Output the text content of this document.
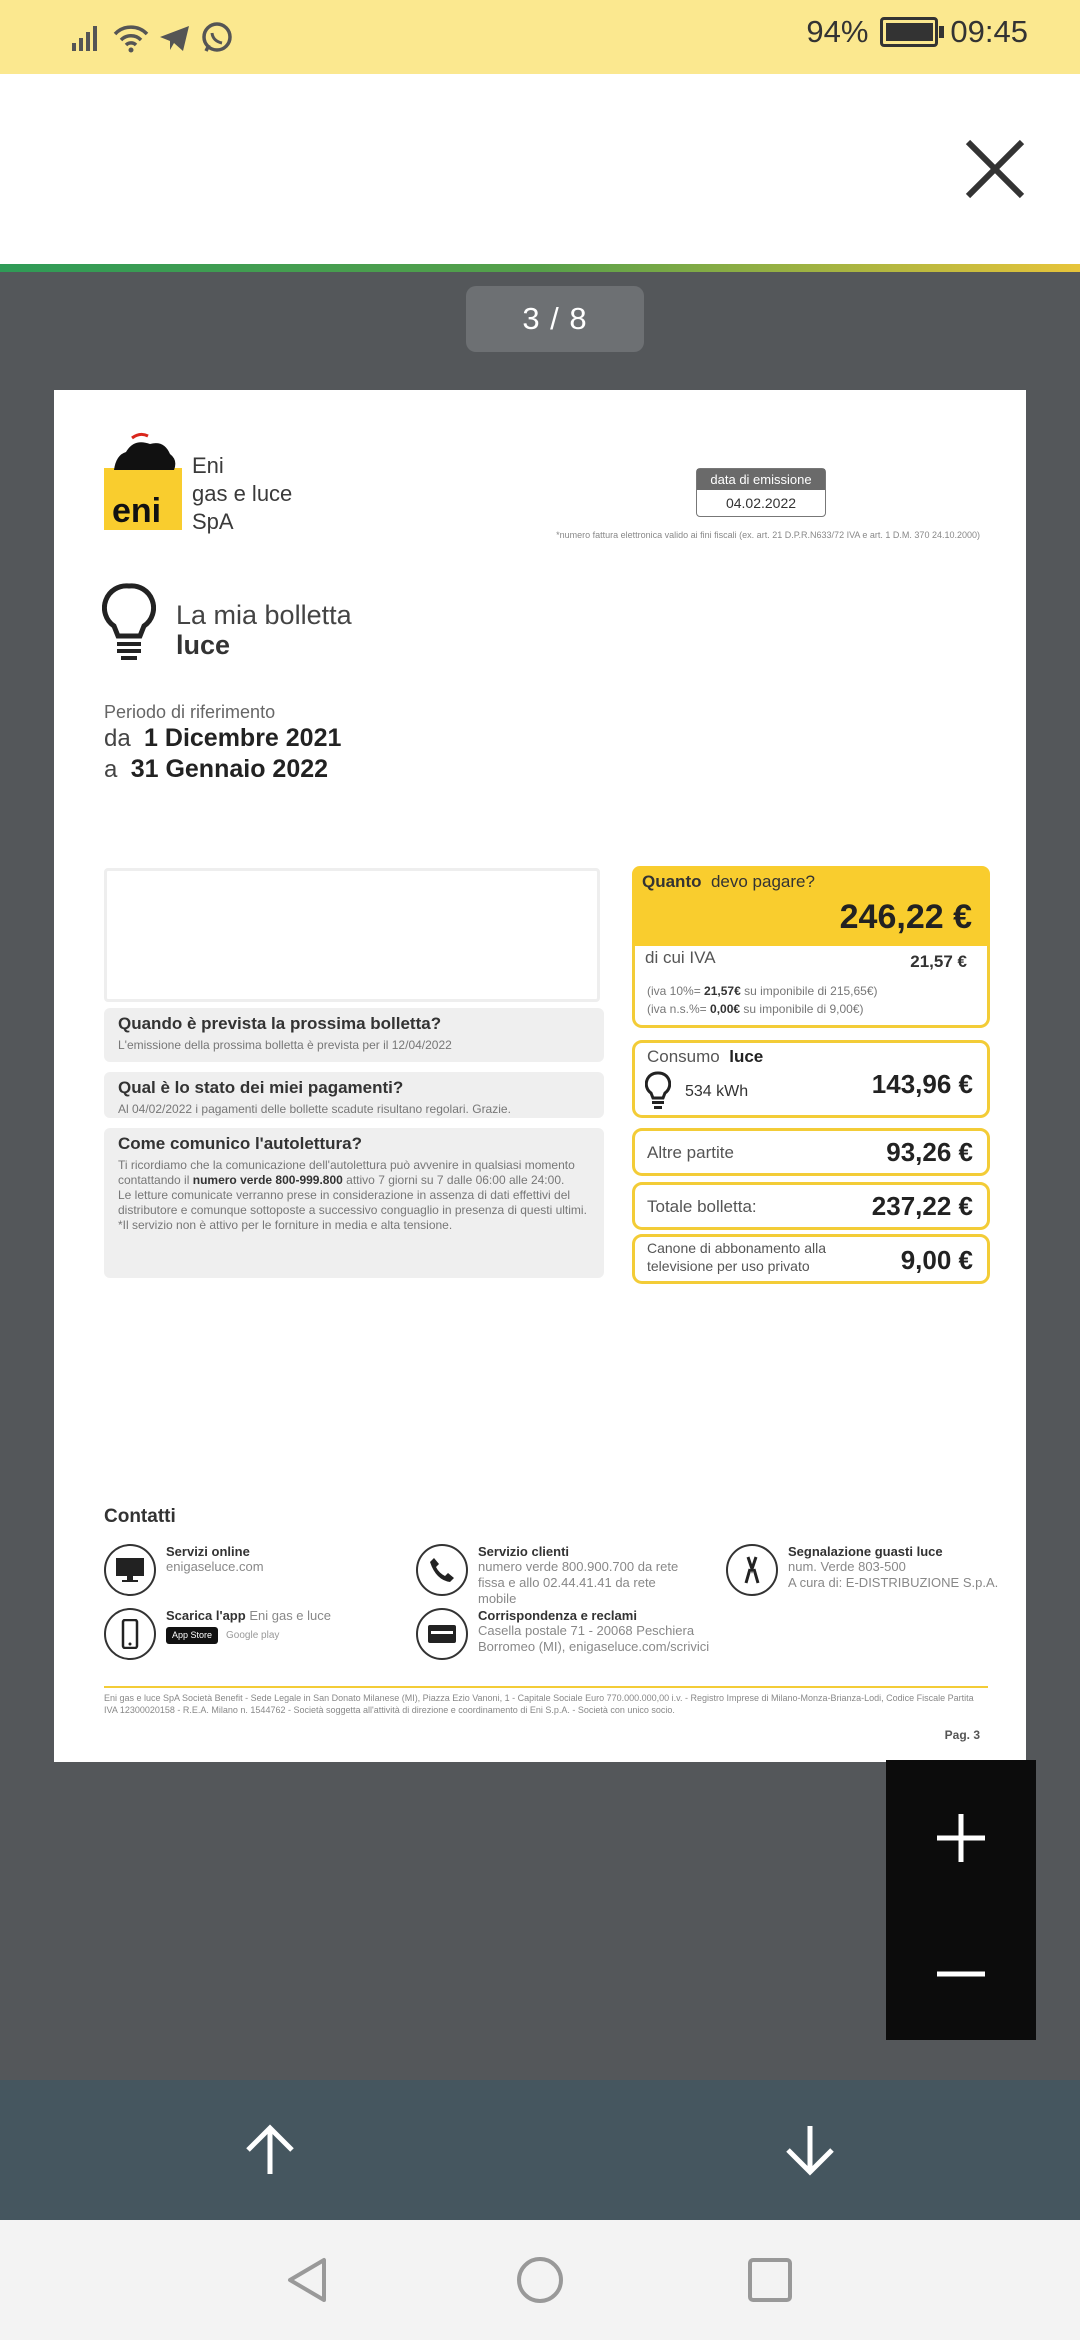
94%	09:45
3 / 8
eni
Eni
gas e luce
SpA
data di emissione
04.02.2022
*numero fattura elettronica valido ai fini fiscali (ex. art. 21 D.P.R.N633/72 IVA e art. 1 D.M. 370 24.10.2000)
La mia bolletta
luce
Periodo di riferimento
da 1 Dicembre 2021
a 31 Gennaio 2022
Quando è prevista la prossima bolletta?
L'emissione della prossima bolletta è prevista per il 12/04/2022
Qual è lo stato dei miei pagamenti?
Al 04/02/2022 i pagamenti delle bollette scadute risultano regolari. Grazie.
Come comunico l'autolettura?
Ti ricordiamo che la comunicazione dell'autolettura può avvenire in qualsiasi momento contattando il numero verde 800-999.800 attivo 7 giorni su 7 dalle 06:00 alle 24:00.
Le letture comunicate verranno prese in considerazione in assenza di dati effettivi del distributore e comunque sottoposte a successivo conguaglio in presenza di questi ultimi.
*Il servizio non è attivo per le forniture in media e alta tensione.
Quanto devo pagare?
246,22 €
di cui IVA	21,57 €
(iva 10%= 21,57€ su imponibile di 215,65€)
(iva n.s.%= 0,00€ su imponibile di 9,00€)
Consumo luce
534 kWh	143,96 €
Altre partite	93,26 €
Totale bolletta:	237,22 €
Canone di abbonamento alla televisione per uso privato	9,00 €
Contatti
Servizi online
enigaseluce.com
Servizio clienti
numero verde 800.900.700 da rete fissa e allo 02.44.41.41 da rete mobile
Segnalazione guasti luce
num. Verde 803-500
A cura di: E-DISTRIBUZIONE S.p.A.
Scarica l'app Eni gas e luce
App Store	Google play
Corrispondenza e reclami
Casella postale 71 - 20068 Peschiera Borromeo (MI), enigaseluce.com/scrivici
Eni gas e luce SpA Società Benefit - Sede Legale in San Donato Milanese (MI), Piazza Ezio Vanoni, 1 - Capitale Sociale Euro 770.000.000,00 i.v. - Registro Imprese di Milano-Monza-Brianza-Lodi, Codice Fiscale Partita IVA 12300020158 - R.E.A. Milano n. 1544762 - Società soggetta all'attività di direzione e coordinamento di Eni S.p.A. - Società con unico socio.
Pag. 3
